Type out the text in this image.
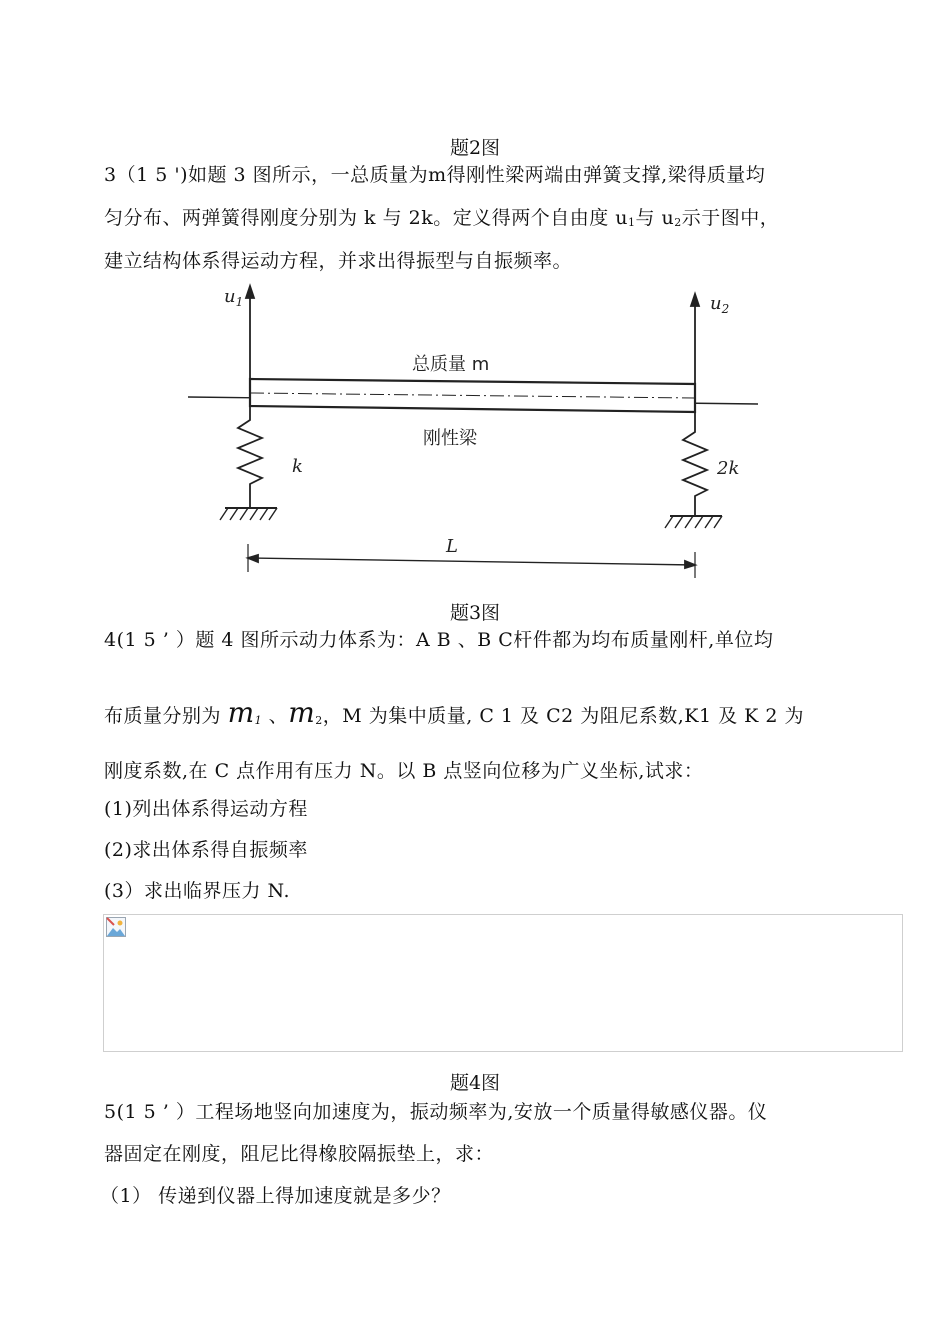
题2图
3（1 5 ')如题 3 图所示，一总质量为m得刚性梁两端由弹簧支撑,梁得质量均
匀分布、两弹簧得刚度分别为 k 与 2k。定义得两个自由度 $u_1$与 $u_2$示于图中，
建立结构体系得运动方程，并求出得振型与自振频率。
$u_1$	$u_2$
总质量 m
刚性梁
k	2k
L
题3图
4(1 5 ’ ）题 4 图所示动力体系为：A B 、B C杆件都为均布质量刚杆,单位均
布质量分别为 $m_1$ 、$m_2$，M 为集中质量, C 1 及 C2 为阻尼系数,K1 及 K 2 为
刚度系数,在 C 点作用有压力 N。以 B 点竖向位移为广义坐标,试求：
(1)列出体系得运动方程
(2)求出体系得自振频率
(3）求出临界压力 N.
题4图
5(1 5 ’ ）工程场地竖向加速度为，振动频率为,安放一个质量得敏感仪器。仪
器固定在刚度，阻尼比得橡胶隔振垫上，求：
（1） 传递到仪器上得加速度就是多少？
